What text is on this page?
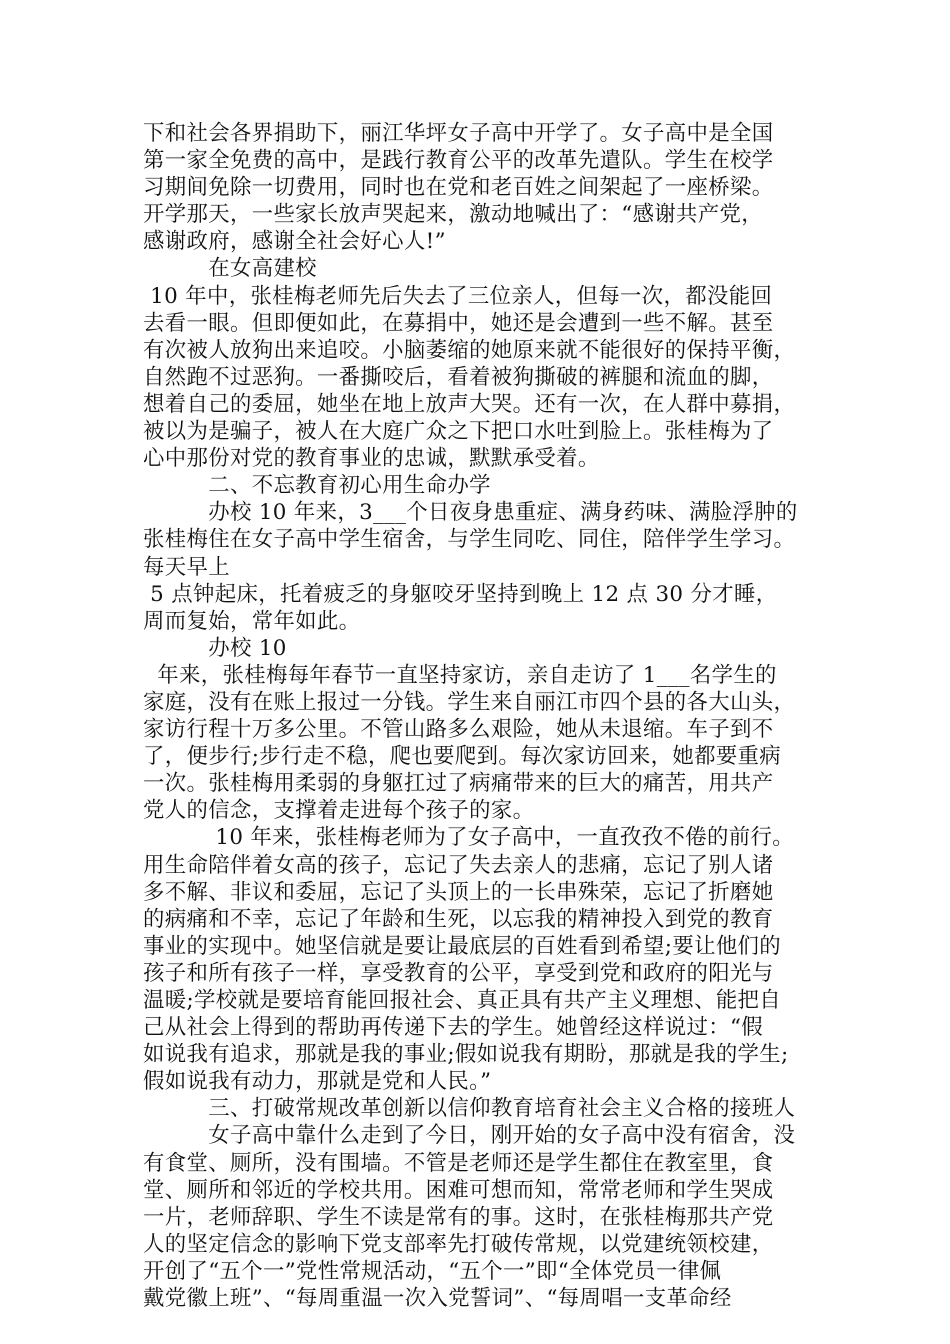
下和社会各界捐助下，丽江华坪女子高中开学了。女子高中是全国
第一家全免费的高中，是践行教育公平的改革先遣队。学生在校学
习期间免除一切费用，同时也在党和老百姓之间架起了一座桥梁。
开学那天，一些家长放声哭起来，激动地喊出了：“感谢共产党，
感谢政府，感谢全社会好心人!”
　　　在女高建校
10 年中，张桂梅老师先后失去了三位亲人，但每一次，都没能回
去看一眼。但即便如此，在募捐中，她还是会遭到一些不解。甚至
有次被人放狗出来追咬。小脑萎缩的她原来就不能很好的保持平衡，
自然跑不过恶狗。一番撕咬后，看着被狗撕破的裤腿和流血的脚，
想着自己的委屈，她坐在地上放声大哭。还有一次，在人群中募捐，
被以为是骗子，被人在大庭广众之下把口水吐到脸上。张桂梅为了
心中那份对党的教育事业的忠诚，默默承受着。
　　　二、不忘教育初心用生命办学
　　　办校 10 年来，3___个日夜身患重症、满身药味、满脸浮肿的
张桂梅住在女子高中学生宿舍，与学生同吃、同住，陪伴学生学习。
每天早上
5 点钟起床，托着疲乏的身躯咬牙坚持到晚上 12 点 30 分才睡，
周而复始，常年如此。
　　　办校 10
年来，张桂梅每年春节一直坚持家访，亲自走访了 1___名学生的
家庭，没有在账上报过一分钱。学生来自丽江市四个县的各大山头，
家访行程十万多公里。不管山路多么艰险，她从未退缩。车子到不
了，便步行;步行走不稳，爬也要爬到。每次家访回来，她都要重病
一次。张桂梅用柔弱的身躯扛过了病痛带来的巨大的痛苦，用共产
党人的信念，支撑着走进每个孩子的家。
　　　 10 年来，张桂梅老师为了女子高中，一直孜孜不倦的前行。
用生命陪伴着女高的孩子，忘记了失去亲人的悲痛，忘记了别人诸
多不解、非议和委屈，忘记了头顶上的一长串殊荣，忘记了折磨她
的病痛和不幸，忘记了年龄和生死，以忘我的精神投入到党的教育
事业的实现中。她坚信就是要让最底层的百姓看到希望;要让他们的
孩子和所有孩子一样，享受教育的公平，享受到党和政府的阳光与
温暖;学校就是要培育能回报社会、真正具有共产主义理想、能把自
己从社会上得到的帮助再传递下去的学生。她曾经这样说过：“假
如说我有追求，那就是我的事业;假如说我有期盼，那就是我的学生;
假如说我有动力，那就是党和人民。”
　　　三、打破常规改革创新以信仰教育培育社会主义合格的接班人
　　　女子高中靠什么走到了今日，刚开始的女子高中没有宿舍，没
有食堂、厕所，没有围墙。不管是老师还是学生都住在教室里，食
堂、厕所和邻近的学校共用。困难可想而知，常常老师和学生哭成
一片，老师辞职、学生不读是常有的事。这时，在张桂梅那共产党
人的坚定信念的影响下党支部率先打破传常规，以党建统领校建，
开创了“五个一”党性常规活动，“五个一”即“全体党员一律佩
戴党徽上班”、“每周重温一次入党誓词”、“每周唱一支革命经
